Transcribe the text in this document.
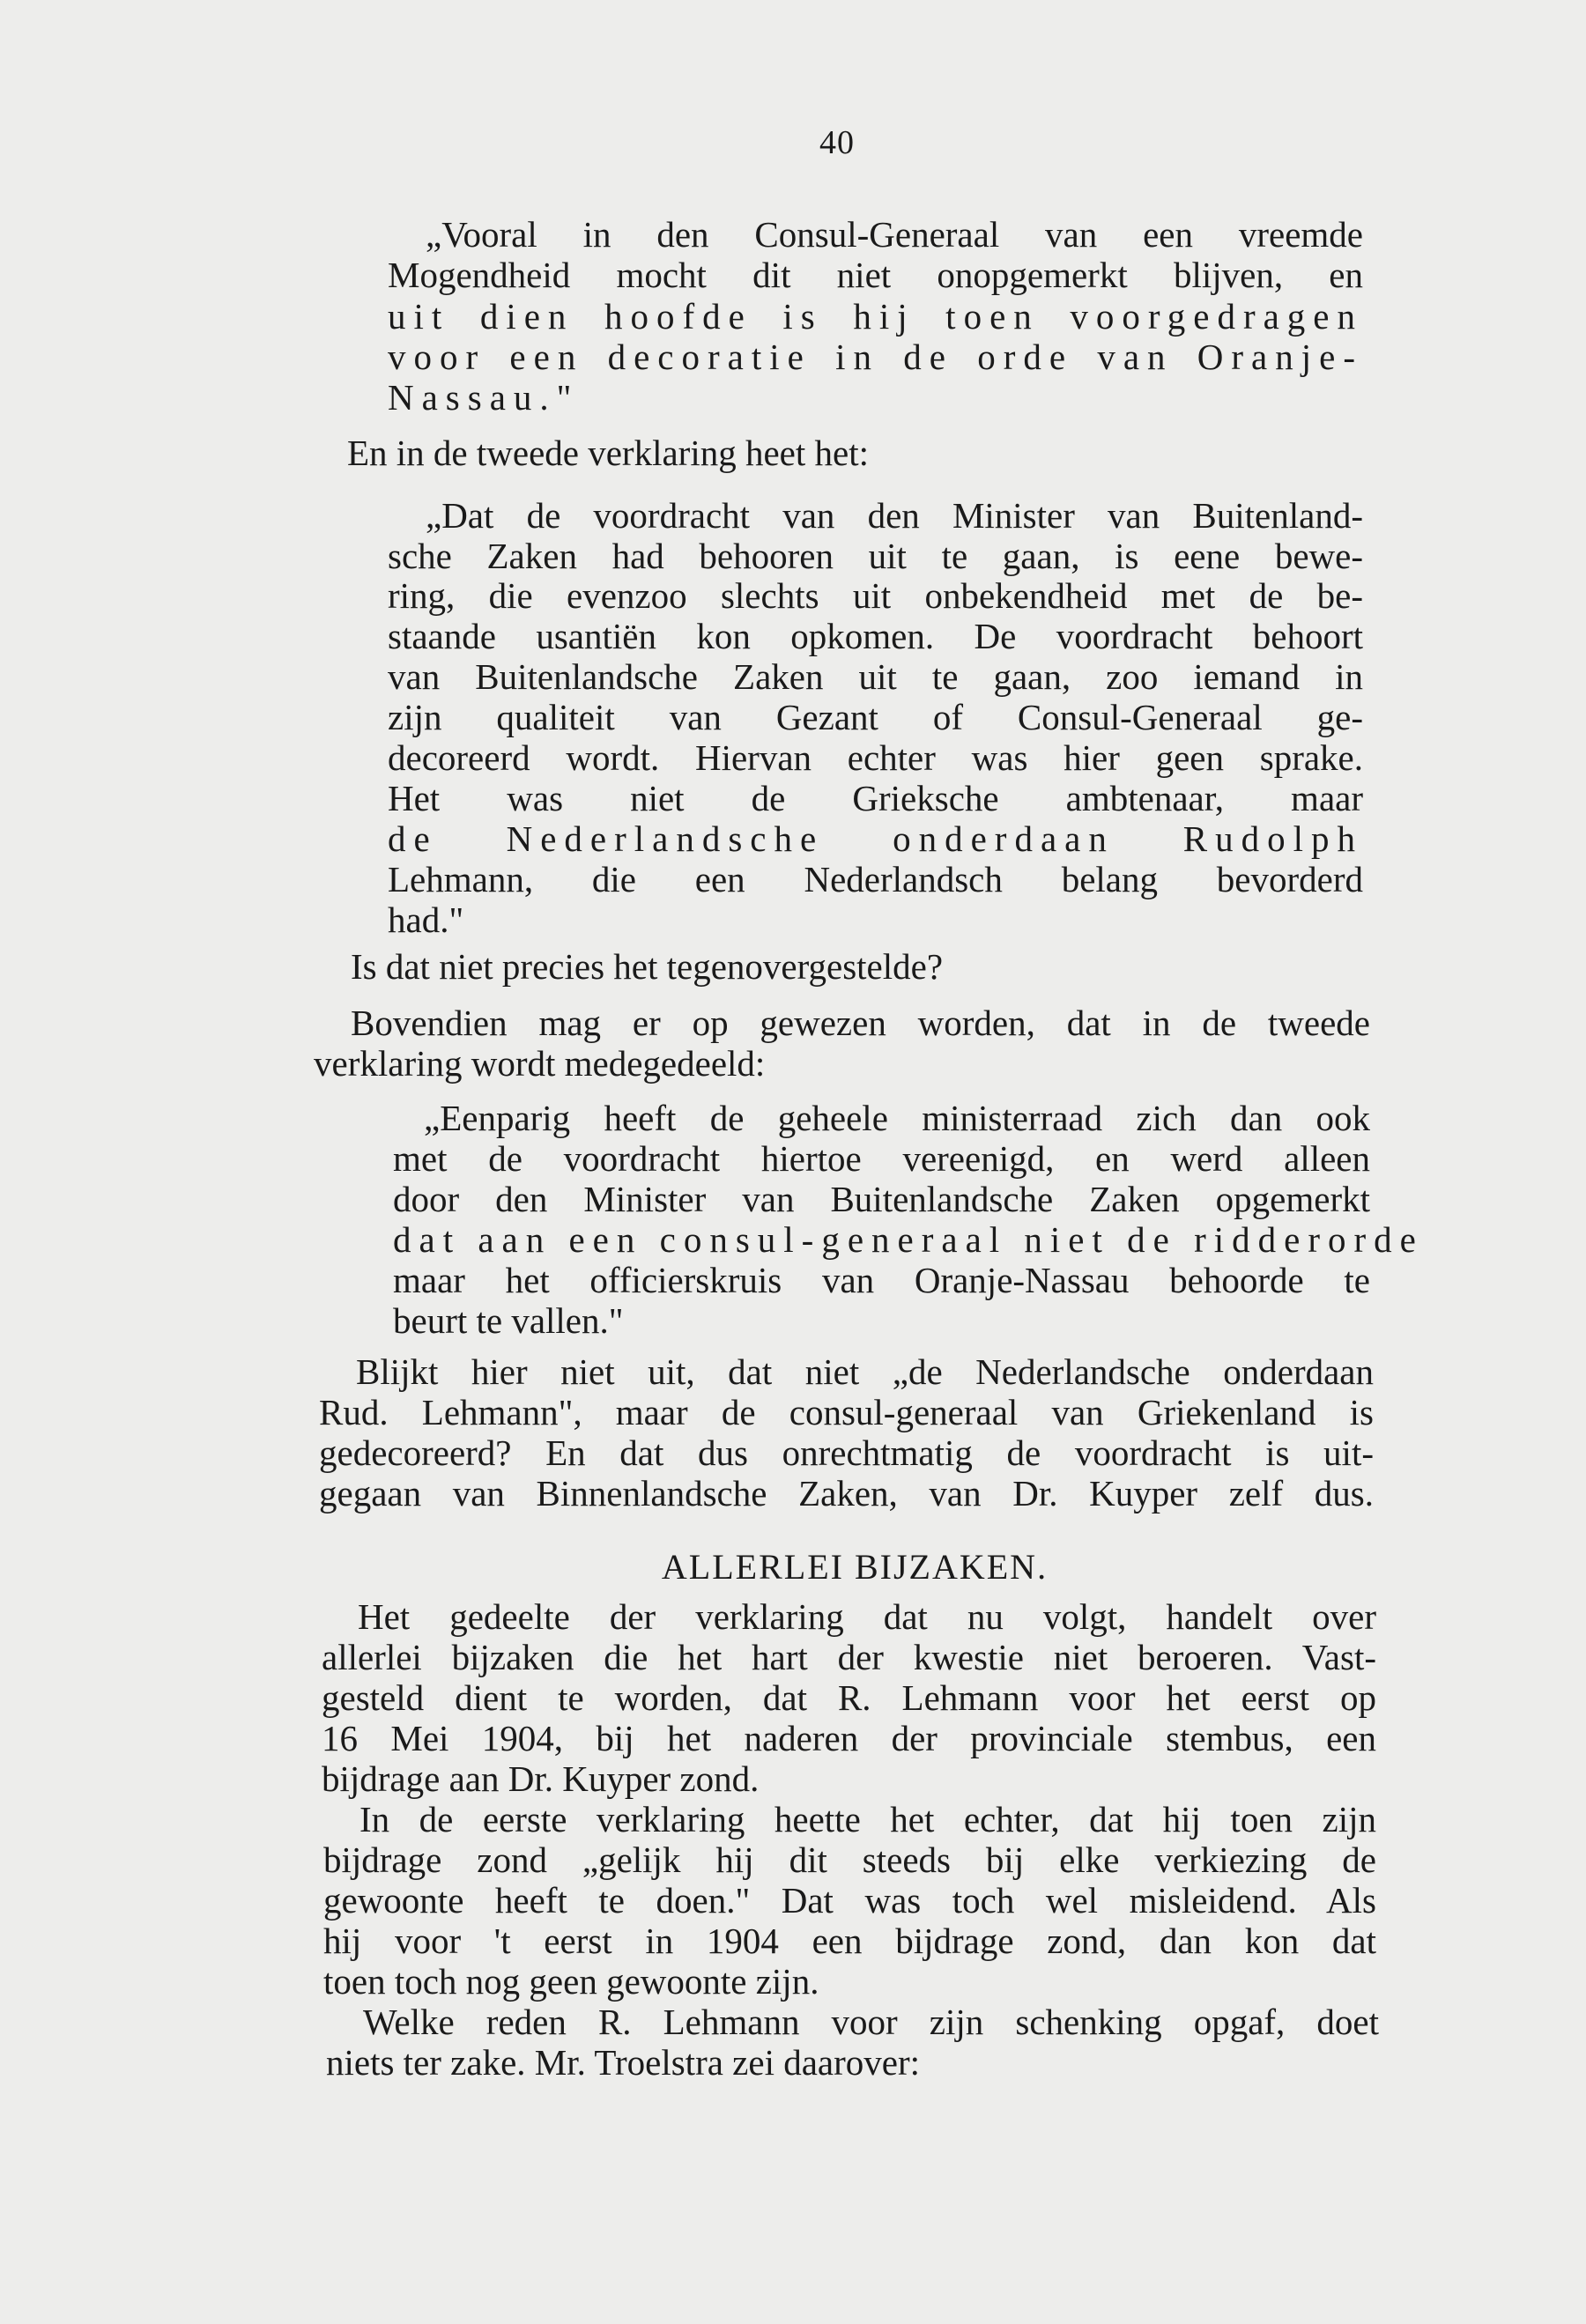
40
„Vooral in den Consul-Generaal van een vreemde
Mogendheid mocht dit niet onopgemerkt blijven, en
uit dien hoofde is hij toen voorgedragen
voor een decoratie in de orde van Oranje-
Nassau."
En in de tweede verklaring heet het:
„Dat de voordracht van den Minister van Buitenland-
sche Zaken had behooren uit te gaan, is eene bewe-
ring, die evenzoo slechts uit onbekendheid met de be-
staande usantiën kon opkomen. De voordracht behoort
van Buitenlandsche Zaken uit te gaan, zoo iemand in
zijn qualiteit van Gezant of Consul-Generaal ge-
decoreerd wordt. Hiervan echter was hier geen sprake.
Het was niet de Grieksche ambtenaar, maar
de Nederlandsche onderdaan Rudolph
Lehmann, die een Nederlandsch belang bevorderd
had."
Is dat niet precies het tegenovergestelde?
Bovendien mag er op gewezen worden, dat in de tweede
verklaring wordt medegedeeld:
„Eenparig heeft de geheele ministerraad zich dan ook
met de voordracht hiertoe vereenigd, en werd alleen
door den Minister van Buitenlandsche Zaken opgemerkt
dat aan een consul-generaal niet de ridderorde
maar het officierskruis van Oranje-Nassau behoorde te
beurt te vallen."
Blijkt hier niet uit, dat niet „de Nederlandsche onderdaan
Rud. Lehmann", maar de consul-generaal van Griekenland is
gedecoreerd? En dat dus onrechtmatig de voordracht is uit-
gegaan van Binnenlandsche Zaken, van Dr. Kuyper zelf dus.
ALLERLEI BIJZAKEN.
Het gedeelte der verklaring dat nu volgt, handelt over
allerlei bijzaken die het hart der kwestie niet beroeren. Vast-
gesteld dient te worden, dat R. Lehmann voor het eerst op
16 Mei 1904, bij het naderen der provinciale stembus, een
bijdrage aan Dr. Kuyper zond.
In de eerste verklaring heette het echter, dat hij toen zijn
bijdrage zond „gelijk hij dit steeds bij elke verkiezing de
gewoonte heeft te doen." Dat was toch wel misleidend. Als
hij voor 't eerst in 1904 een bijdrage zond, dan kon dat
toen toch nog geen gewoonte zijn.
Welke reden R. Lehmann voor zijn schenking opgaf, doet
niets ter zake. Mr. Troelstra zei daarover:
